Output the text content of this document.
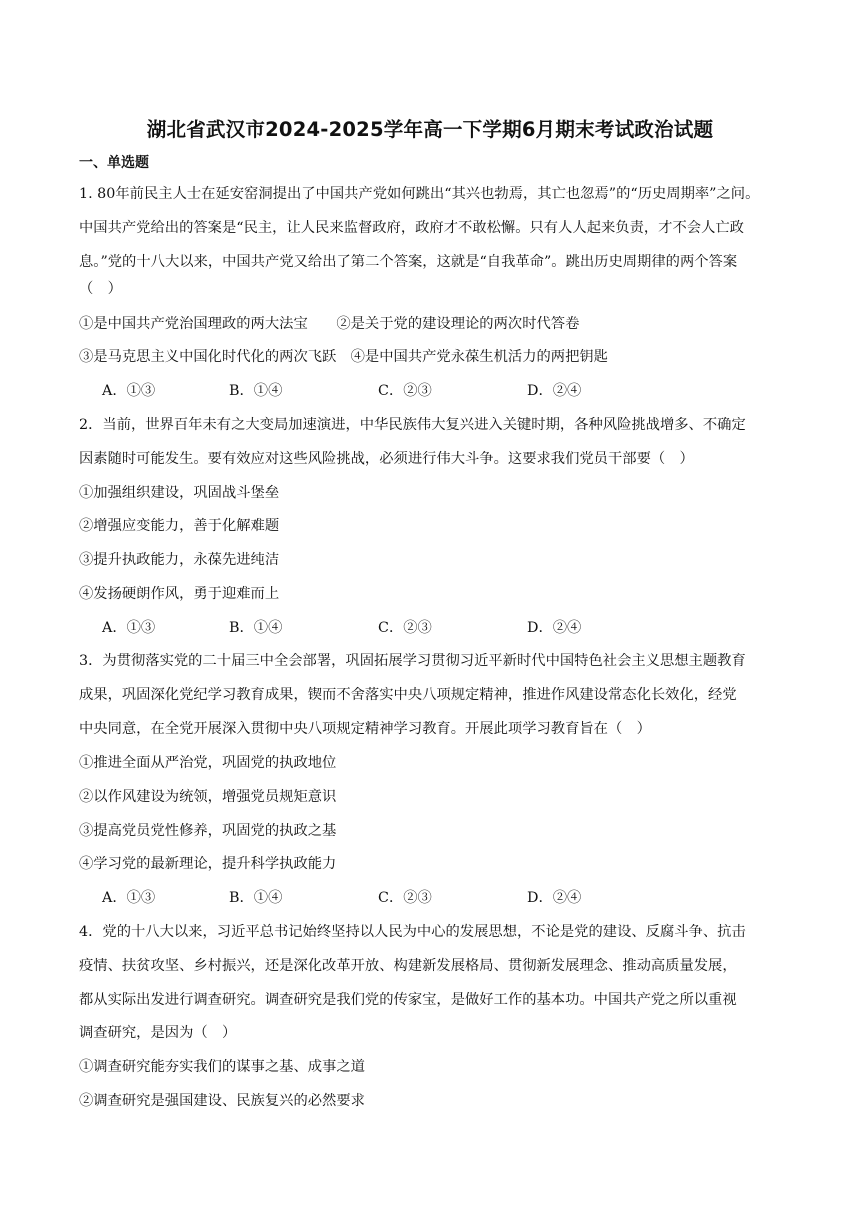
湖北省武汉市2024-2025学年高一下学期6月期末考试政治试题
一、单选题
1. 80年前民主人士在延安窑洞提出了中国共产党如何跳出“其兴也勃焉，其亡也忽焉”的“历史周期率”之问。
中国共产党给出的答案是“民主，让人民来监督政府，政府才不敢松懈。只有人人起来负责，才不会人亡政
息。”党的十八大以来，中国共产党又给出了第二个答案，这就是“自我革命”。跳出历史周期律的两个答案
（　）
①是中国共产党治国理政的两大法宝　　②是关于党的建设理论的两次时代答卷
③是马克思主义中国化时代化的两次飞跃　④是中国共产党永葆生机活力的两把钥匙
A．①③	B．①④	C．②③	D．②④
2．当前，世界百年未有之大变局加速演进，中华民族伟大复兴进入关键时期，各种风险挑战增多、不确定
因素随时可能发生。要有效应对这些风险挑战，必须进行伟大斗争。这要求我们党员干部要（　）
①加强组织建设，巩固战斗堡垒
②增强应变能力，善于化解难题
③提升执政能力，永葆先进纯洁
④发扬硬朗作风，勇于迎难而上
A．①③	B．①④	C．②③	D．②④
3．为贯彻落实党的二十届三中全会部署，巩固拓展学习贯彻习近平新时代中国特色社会主义思想主题教育
成果，巩固深化党纪学习教育成果，锲而不舍落实中央八项规定精神，推进作风建设常态化长效化，经党
中央同意，在全党开展深入贯彻中央八项规定精神学习教育。开展此项学习教育旨在（　）
①推进全面从严治党，巩固党的执政地位
②以作风建设为统领，增强党员规矩意识
③提高党员党性修养，巩固党的执政之基
④学习党的最新理论，提升科学执政能力
A．①③	B．①④	C．②③	D．②④
4．党的十八大以来，习近平总书记始终坚持以人民为中心的发展思想，不论是党的建设、反腐斗争、抗击
疫情、扶贫攻坚、乡村振兴，还是深化改革开放、构建新发展格局、贯彻新发展理念、推动高质量发展，
都从实际出发进行调查研究。调查研究是我们党的传家宝，是做好工作的基本功。中国共产党之所以重视
调查研究，是因为（　）
①调查研究能夯实我们的谋事之基、成事之道
②调查研究是强国建设、民族复兴的必然要求
